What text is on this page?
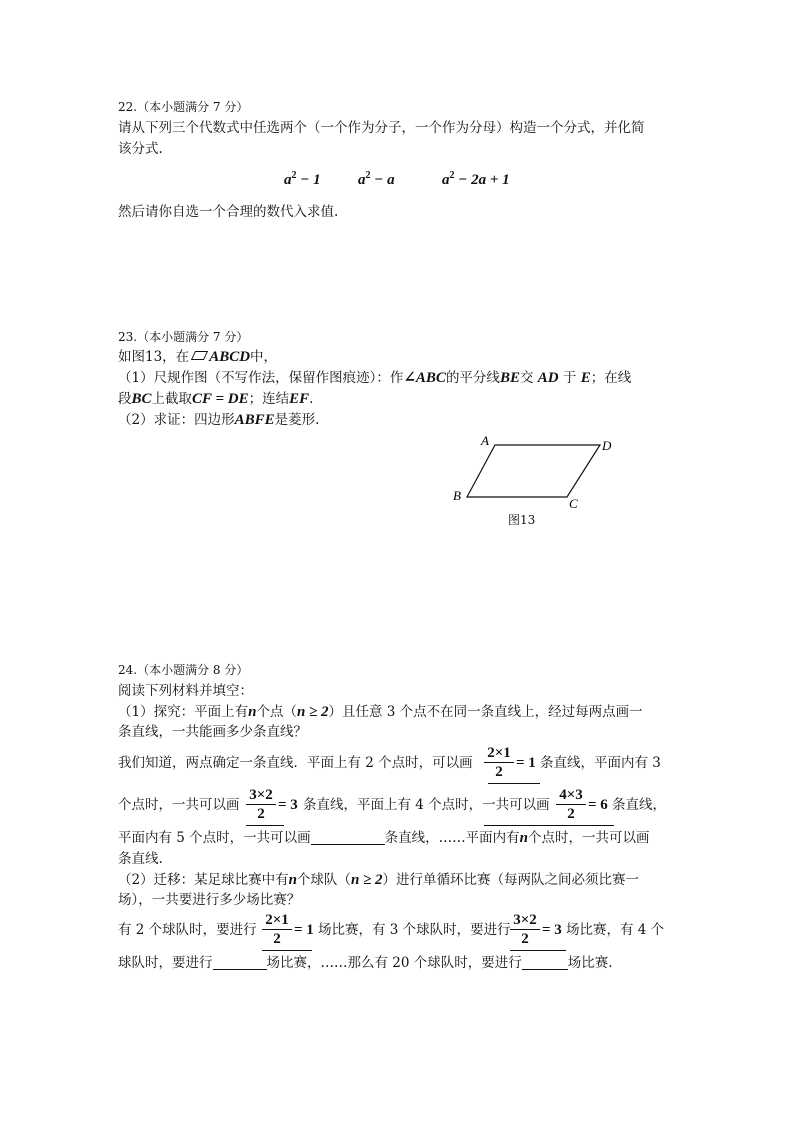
22.（本小题满分 7 分）
请从下列三个代数式中任选两个（一个作为分子，一个作为分母）构造一个分式，并化简
该分式.
$a^2 - 1$ $a^2 - a$	$a^2 - 2a + 1$
然后请你自选一个合理的数代入求值.
23.（本小题满分 7 分）
如图13，在 ABCD中，
（1）尺规作图（不写作法，保留作图痕迹）：作∠ABC的平分线BE交 AD 于 E；在线
段BC上截取CF = DE；连结EF.
（2）求证：四边形ABFE是菱形.
A	D
B
C
图13
24.（本小题满分 8 分）
阅读下列材料并填空：
（1）探究：平面上有n个点（n ≥ 2）且任意 3 个点不在同一条直线上，经过每两点画一
条直线，一共能画多少条直线？
我们知道，两点确定一条直线．平面上有 2 个点时，可以画 $\frac{2\times 1}{2} = 1$ 条直线，平面内有 3
个点时，一共可以画 $\frac{3\times 2}{2} = 3$ 条直线，平面上有 4 个点时，一共可以画 $\frac{4\times 3}{2} = 6$ 条直线，
平面内有 5 个点时，一共可以画	条直线，……平面内有n个点时，一共可以画
条直线.
（2）迁移：某足球比赛中有n个球队（n ≥ 2）进行单循环比赛（每两队之间必须比赛一
场），一共要进行多少场比赛？
有 2 个球队时，要进行 $\frac{2\times 1}{2} = 1$ 场比赛，有 3 个球队时，要进行 $\frac{3\times 2}{2} = 3$ 场比赛，有 4 个
球队时，要进行	场比赛，……那么有 20 个球队时，要进行	场比赛.
